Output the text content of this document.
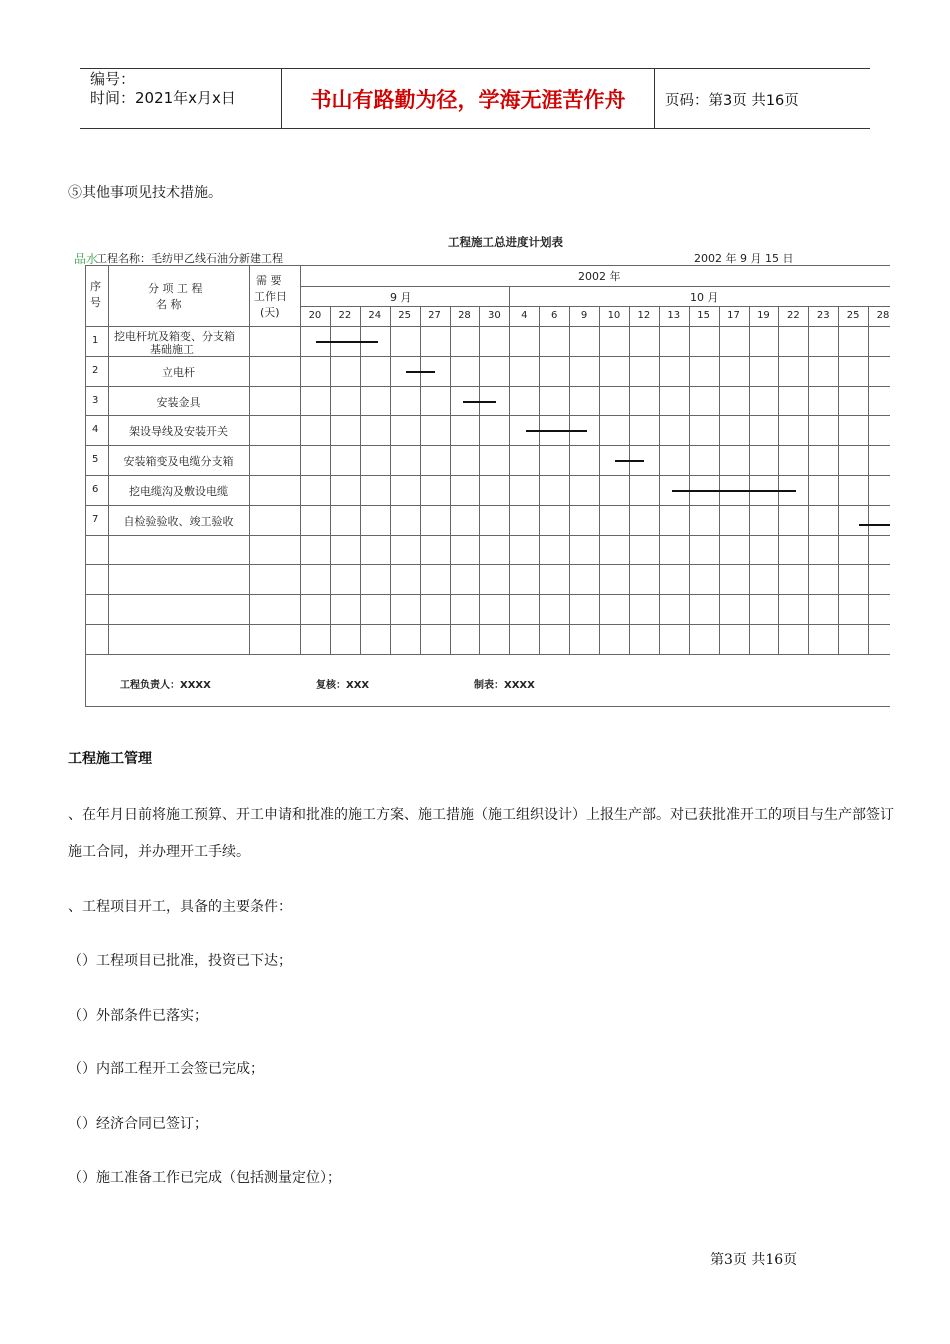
编号：
时间：2021年x月x日	书山有路勤为径，学海无涯苦作舟	页码：第3页 共16页
⑤其他事项见技术措施。
工程施工总进度计划表
品水
工程名称：毛纺甲乙线石油分新建工程	2002 年 9 月 15 日
序
号
分 项 工 程
名 称
需 要
工作日
(天)
2002 年
9 月	10 月
20 22 24 25 27 28 30	4	6	9	10 12 13 15 17 19 22 23 25 28
1 挖电杆坑及箱变、分支箱
基础施工
2	立电杆
3	安装金具
4	架设导线及安装开关
5	安装箱变及电缆分支箱
6	挖电缆沟及敷设电缆
7	自检验验收、竣工验收
工程负责人：XXXX	复核：XXX	制表：XXXX
工程施工管理
、在年月日前将施工预算、开工申请和批准的施工方案、施工措施（施工组织设计）上报生产部。对已获批准开工的项目与生产部签订
施工合同，并办理开工手续。
、工程项目开工，具备的主要条件：
（）工程项目已批准，投资已下达；
（）外部条件已落实；
（）内部工程开工会签已完成；
（）经济合同已签订；
（）施工准备工作已完成（包括测量定位）；
第3页 共16页
